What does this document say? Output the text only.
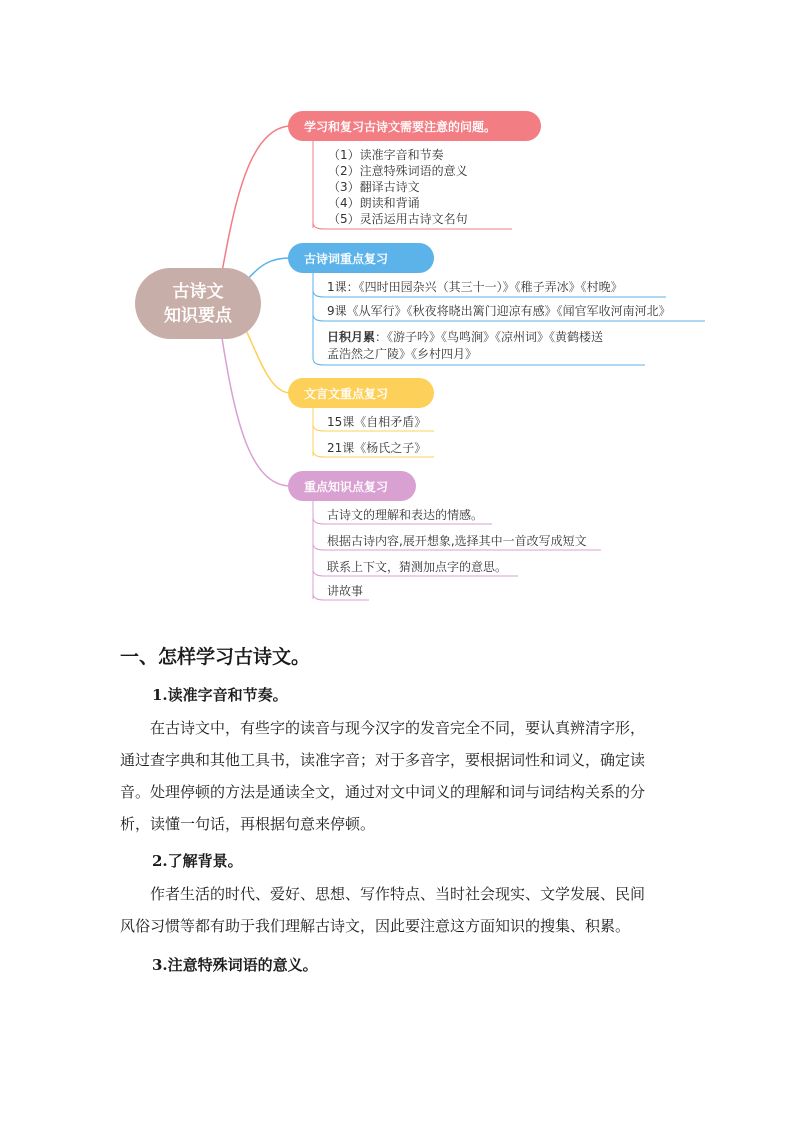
古诗文
知识要点
学习和复习古诗文需要注意的问题。
（1）读准字音和节奏
（2）注意特殊词语的意义
（3）翻译古诗文
（4）朗读和背诵
（5）灵活运用古诗文名句
古诗词重点复习
1课：《四时田园杂兴（其三十一）》《稚子弄冰》《村晚》
9课《从军行》《秋夜将晓出篱门迎凉有感》《闻官军收河南河北》
日积月累：《游子吟》《鸟鸣涧》《凉州词》《黄鹤楼送
孟浩然之广陵》《乡村四月》
文言文重点复习
15课《自相矛盾》
21课《杨氏之子》
重点知识点复习
古诗文的理解和表达的情感。
根据古诗内容,展开想象,选择其中一首改写成短文
联系上下文，猜测加点字的意思。
讲故事
一、怎样学习古诗文。
1.读准字音和节奏。
在古诗文中，有些字的读音与现今汉字的发音完全不同，要认真辨清字形，
通过查字典和其他工具书，读准字音；对于多音字，要根据词性和词义，确定读
音。处理停顿的方法是通读全文，通过对文中词义的理解和词与词结构关系的分
析，读懂一句话，再根据句意来停顿。
2.了解背景。
作者生活的时代、爱好、思想、写作特点、当时社会现实、文学发展、民间
风俗习惯等都有助于我们理解古诗文，因此要注意这方面知识的搜集、积累。
3.注意特殊词语的意义。
